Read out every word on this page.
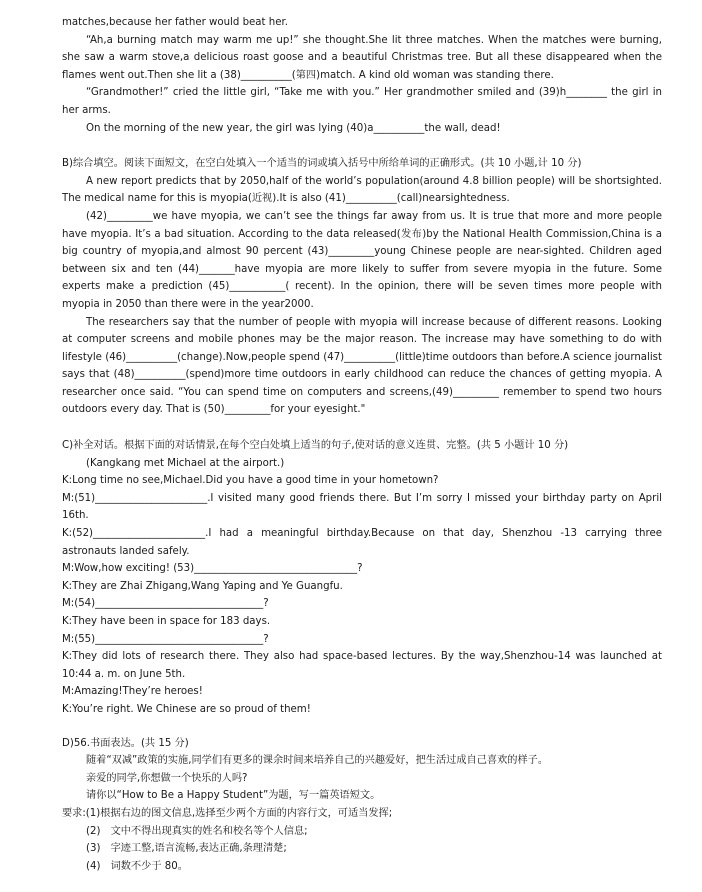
matches,because her father would beat her.

“Ah,a burning match may warm me up!” she thought.She lit three matches. When the matches were burning, she saw a warm stove,a delicious roast goose and a beautiful Christmas tree. But all these disappeared when the flames went out.Then she lit a (38)__________(第四)match. A kind old woman was standing there.

“Grandmother!” cried the little girl, “Take me with you.” Her grandmother smiled and (39)h________ the girl in her arms.

On the morning of the new year, the girl was lying (40)a__________the wall, dead!

B)综合填空。阅读下面短文，在空白处填入一个适当的词或填入括号中所给单词的正确形式。(共 10 小题,计 10 分)

A new report predicts that by 2050,half of the world’s population(around 4.8 billion people) will be shortsighted. The medical name for this is myopia(近视).It is also (41)__________(call)nearsightedness.

(42)_________we have myopia, we can’t see the things far away from us. It is true that more and more people have myopia. It’s a bad situation. According to the data released(发布)by the National Health Commission,China is a big country of myopia,and almost 90 percent (43)_________young Chinese people are near-sighted. Children aged between six and ten (44)_______have myopia are more likely to suffer from severe myopia in the future. Some experts make a prediction (45)___________( recent). In the opinion, there will be seven times more people with myopia in 2050 than there were in the year2000.

The researchers say that the number of people with myopia will increase because of different reasons. Looking at computer screens and mobile phones may be the major reason. The increase may have something to do with lifestyle (46)__________(change).Now,people spend (47)__________(little)time outdoors than before.A science journalist says that (48)__________(spend)more time outdoors in early childhood can reduce the chances of getting myopia. A researcher once said. “You can spend time on computers and screens,(49)_________ remember to spend two hours outdoors every day. That is (50)_________for your eyesight."

C)补全对话。根据下面的对话情景,在每个空白处填上适当的句子,使对话的意义连贯、完整。(共 5 小题计 10 分)

(Kangkang met Michael at the airport.)

K:Long time no see,Michael.Did you have a good time in your hometown?

M:(51)______________________.I visited many good friends there. But I’m sorry I missed your birthday party on April 16th.

K:(52)______________________.I had a meaningful birthday.Because on that day, Shenzhou -13 carrying three astronauts landed safely.

M:Wow,how exciting! (53)________________________________?

K:They are Zhai Zhigang,Wang Yaping and Ye Guangfu.

M:(54)_________________________________?

K:They have been in space for 183 days.

M:(55)_________________________________?

K:They did lots of research there. They also had space-based lectures. By the way,Shenzhou-14 was launched at 10:44 a. m. on June 5th.

M:Amazing!They’re heroes!

K:You’re right. We Chinese are so proud of them!

D)56.书面表达。(共 15 分)

随着“双减”政策的实施,同学们有更多的课余时间来培养自己的兴趣爱好，把生活过成自己喜欢的样子。

亲爱的同学,你想做一个快乐的人吗?

请你以“How to Be a Happy Student”为题，写一篇英语短文。

要求:(1)根据右边的图文信息,选择至少两个方面的内容行文，可适当发挥;

(2)　文中不得出现真实的姓名和校名等个人信息;

(3)　字迹工整,语言流畅,表达正确,条理清楚;

(4)　词数不少于 80。
